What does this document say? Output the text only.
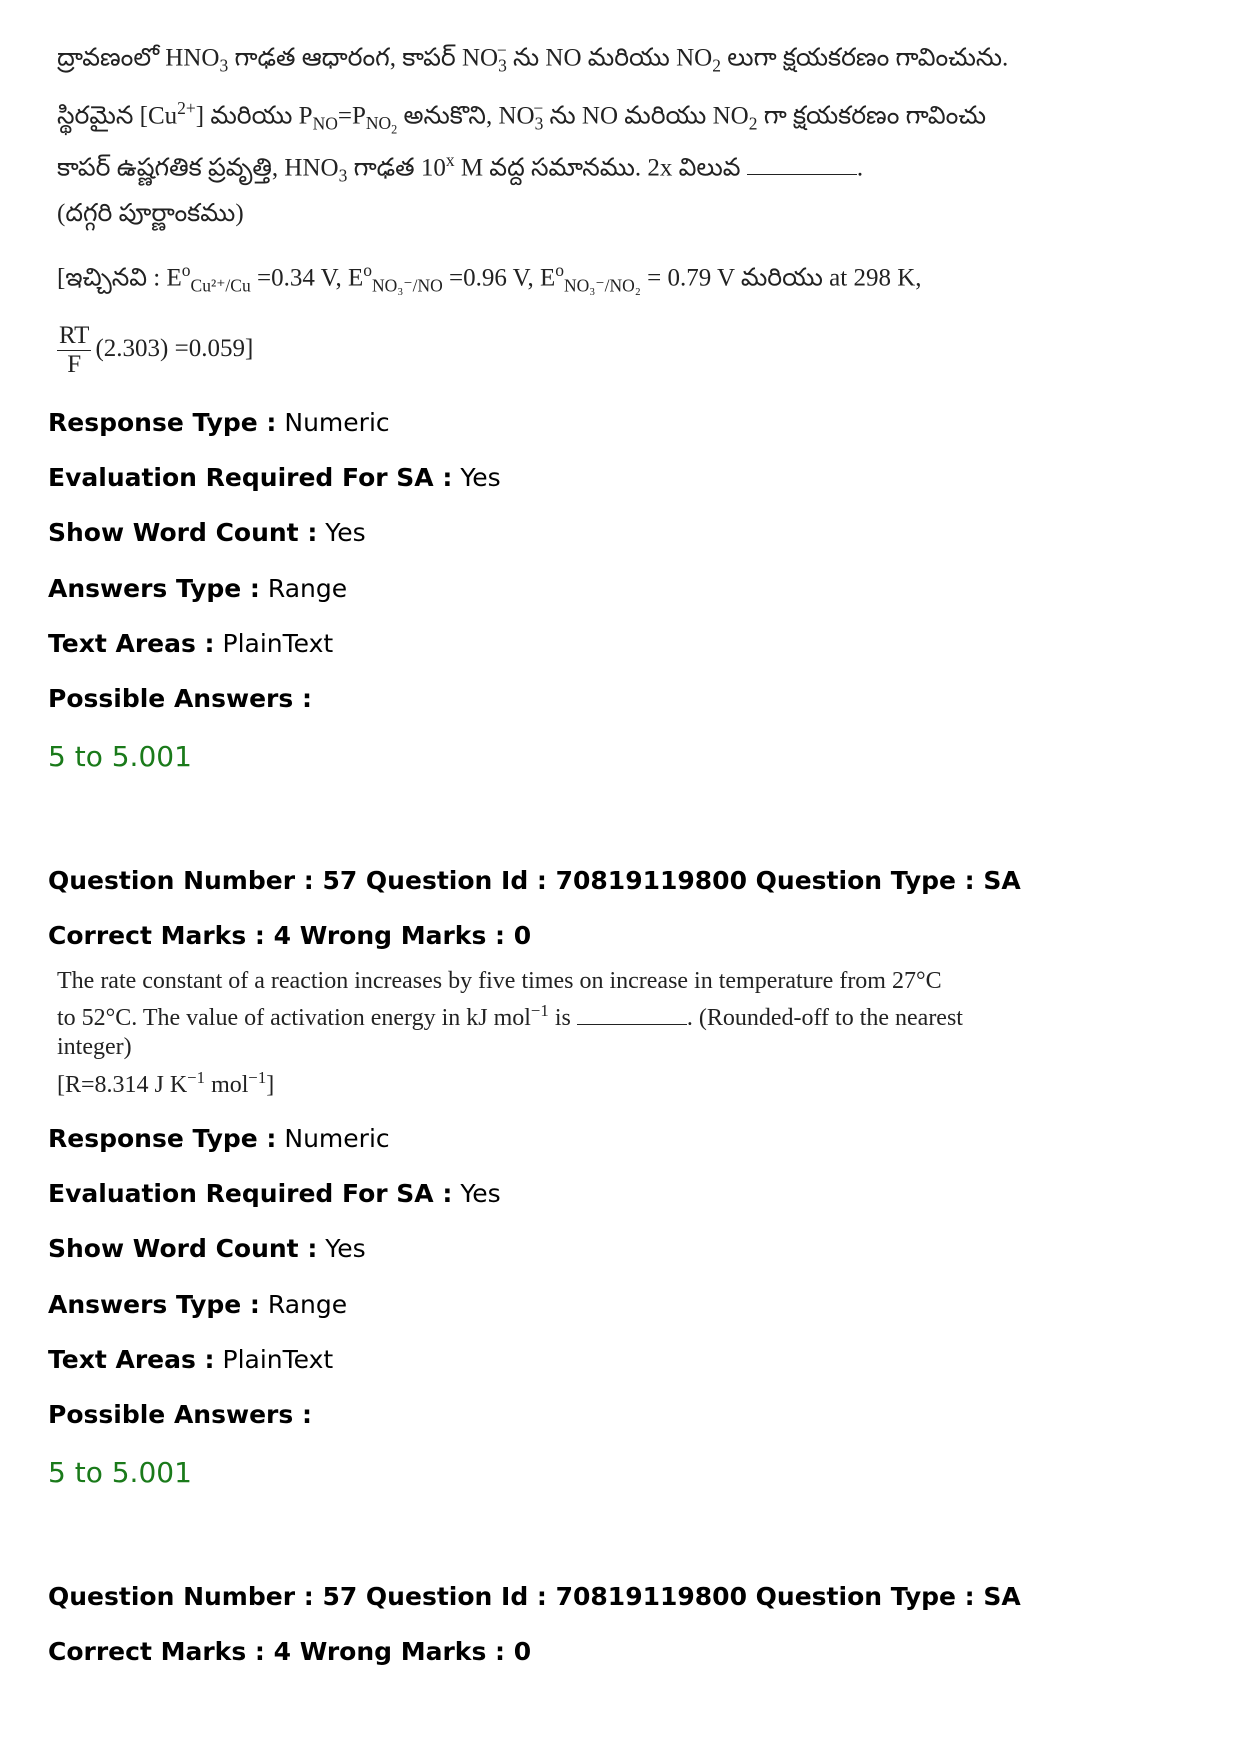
ద్రావణంలో $HNO_3$ గాఢత ఆధారంగ, కాపర్ $NO_3^-$ ను NO మరియు $NO_2$ లుగా క్షయకరణం గావించును.
స్థిరమైన $[Cu^{2+}]$ మరియు $P_{NO}=P_{NO_2}$ అనుకొని, $NO_3^-$ ను NO మరియు $NO_2$ గా క్షయకరణం గావించు
కాపర్ ఉష్ణగతిక ప్రవృత్తి, $HNO_3$ గాఢత 10$^x$ M వద్ద సమానము. 2x విలువ	.
(దగ్గరి పూర్ణాంకము)
[ఇచ్చినవి : $E^o_{Cu^{2+}/Cu} =0.34$ V, $E^o_{NO_3^-/NO} =0.96$ V, $E^o_{NO_3^-/NO_2} = 0.79$ V మరియు at 298 K,
$\frac{RT}{F} (2.303) =0.059$]
Response Type : Numeric
Evaluation Required For SA : Yes
Show Word Count : Yes
Answers Type : Range
Text Areas : PlainText
Possible Answers :
5 to 5.001
Question Number : 57 Question Id : 70819119800 Question Type : SA
Correct Marks : 4 Wrong Marks : 0
The rate constant of a reaction increases by five times on increase in temperature from 27°C
to 52°C. The value of activation energy in kJ mol$^{-1}$ is	. (Rounded-off to the nearest
integer)
[R=8.314 J $K^{-1}$ mol$^{-1}$]
Response Type : Numeric
Evaluation Required For SA : Yes
Show Word Count : Yes
Answers Type : Range
Text Areas : PlainText
Possible Answers :
5 to 5.001
Question Number : 57 Question Id : 70819119800 Question Type : SA
Correct Marks : 4 Wrong Marks : 0
